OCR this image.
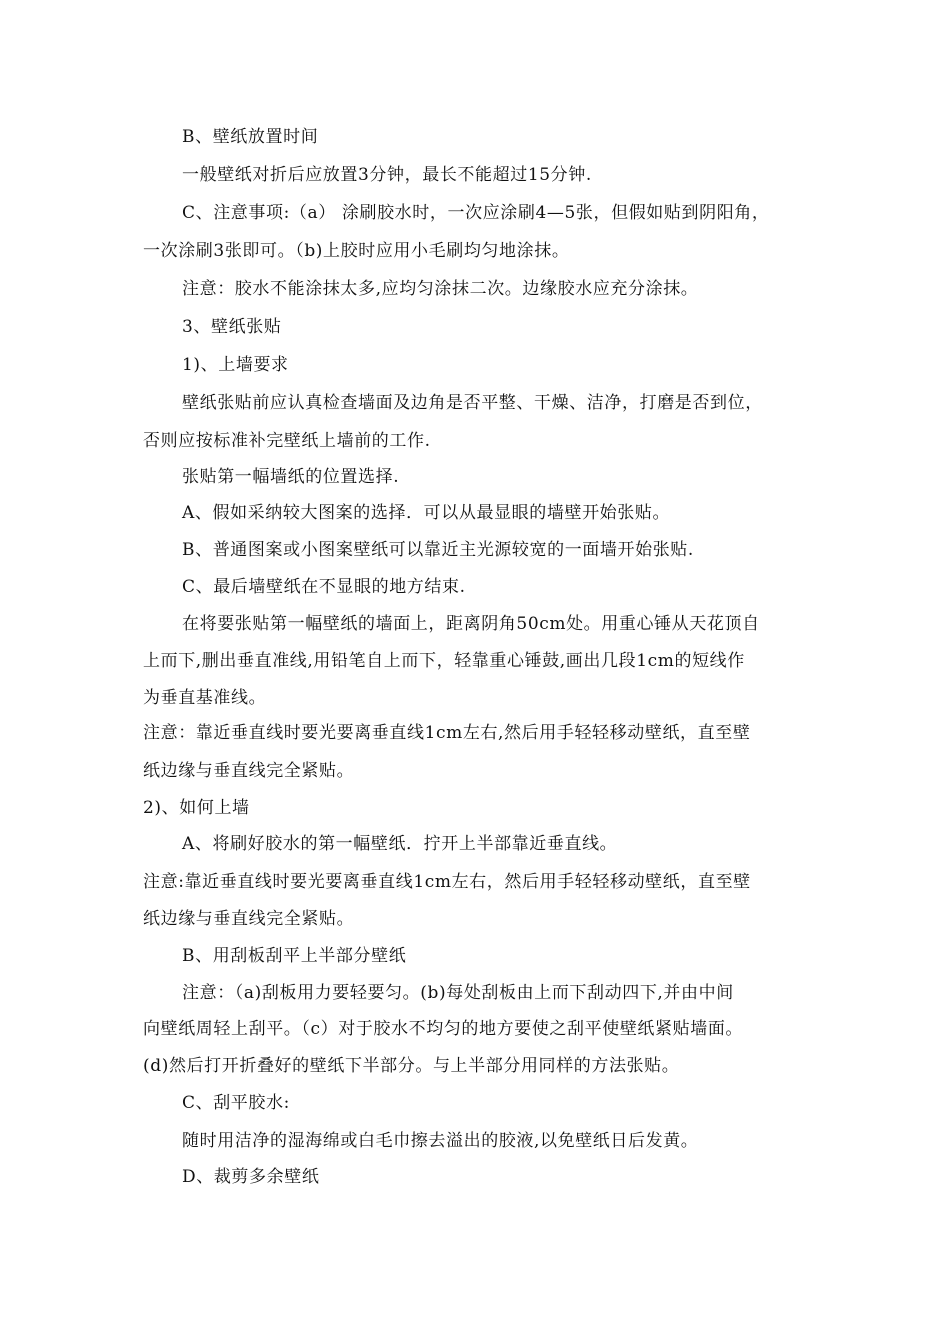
B、壁纸放置时间
一般壁纸对折后应放置3分钟，最长不能超过15分钟.
C、注意事项:（a） 涂刷胶水时，一次应涂刷4—5张，但假如贴到阴阳角，
一次涂刷3张即可。（b)上胶时应用小毛刷均匀地涂抹。
注意：胶水不能涂抹太多,应均匀涂抹二次。边缘胶水应充分涂抹。
3、壁纸张贴
1)、上墙要求
壁纸张贴前应认真检查墙面及边角是否平整、干燥、洁净，打磨是否到位，
否则应按标准补完壁纸上墙前的工作.
张贴第一幅墙纸的位置选择.
A、假如采纳较大图案的选择．可以从最显眼的墙壁开始张贴。
B、普通图案或小图案壁纸可以靠近主光源较宽的一面墙开始张贴.
C、最后墙壁纸在不显眼的地方结束.
在将要张贴第一幅壁纸的墙面上，距离阴角50cm处。用重心锤从天花顶自
上而下,删出垂直准线,用铅笔自上而下，轻靠重心锤鼓,画出几段1cm的短线作
为垂直基准线。
注意：靠近垂直线时要光要离垂直线1cm左右,然后用手轻轻移动壁纸，直至壁
纸边缘与垂直线完全紧贴。
2)、如何上墙
A、将刷好胶水的第一幅壁纸．拧开上半部靠近垂直线。
注意:靠近垂直线时要光要离垂直线1cm左右，然后用手轻轻移动壁纸，直至壁
纸边缘与垂直线完全紧贴。
B、用刮板刮平上半部分壁纸
注意：（a)刮板用力要轻要匀。(b)每处刮板由上而下刮动四下,并由中间
向壁纸周轻上刮平。（c）对于胶水不均匀的地方要使之刮平使壁纸紧贴墙面。
(d)然后打开折叠好的壁纸下半部分。与上半部分用同样的方法张贴。
C、刮平胶水:
随时用洁净的湿海绵或白毛巾擦去溢出的胶液,以免壁纸日后发黄。
D、裁剪多余壁纸
